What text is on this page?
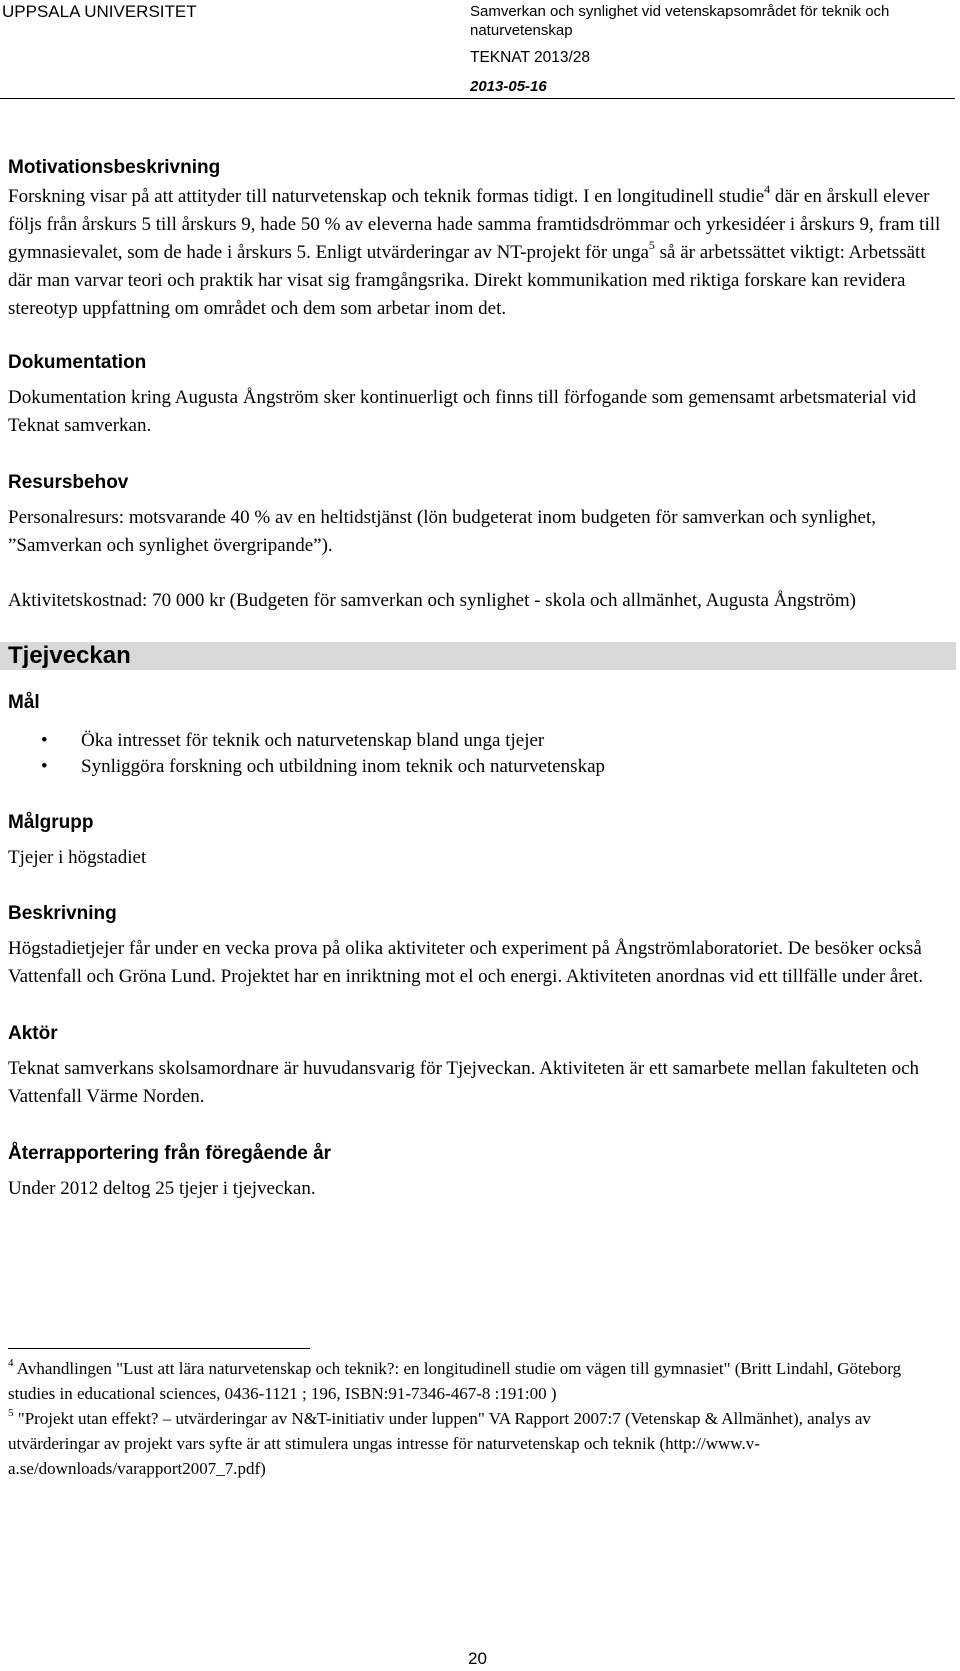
UPPSALA UNIVERSITET	Samverkan och synlighet vid vetenskapsområdet för teknik och naturvetenskap
TEKNAT 2013/28
2013-05-16
Motivationsbeskrivning

Forskning visar på att attityder till naturvetenskap och teknik formas tidigt. I en longitudinell studie$^4$ där en årskull elever följs från årskurs 5 till årskurs 9, hade 50 % av eleverna hade samma framtidsdrömmar och yrkesidéer i årskurs 9, fram till gymnasievalet, som de hade i årskurs 5. Enligt utvärderingar av NT-projekt för unga$^5$ så är arbetssättet viktigt: Arbetssätt där man varvar teori och praktik har visat sig framgångsrika. Direkt kommunikation med riktiga forskare kan revidera stereotyp uppfattning om området och dem som arbetar inom det.

Dokumentation

Dokumentation kring Augusta Ångström sker kontinuerligt och finns till förfogande som gemensamt arbetsmaterial vid Teknat samverkan.

Resursbehov

Personalresurs: motsvarande 40 % av en heltidstjänst (lön budgeterat inom budgeten för samverkan och synlighet, ”Samverkan och synlighet övergripande”).

Aktivitetskostnad: 70 000 kr (Budgeten för samverkan och synlighet - skola och allmänhet, Augusta Ångström)

Tjejveckan
Mål
• Öka intresset för teknik och naturvetenskap bland unga tjejer
• Synliggöra forskning och utbildning inom teknik och naturvetenskap
Målgrupp

Tjejer i högstadiet

Beskrivning

Högstadietjejer får under en vecka prova på olika aktiviteter och experiment på Ångströmlaboratoriet. De besöker också Vattenfall och Gröna Lund. Projektet har en inriktning mot el och energi. Aktiviteten anordnas vid ett tillfälle under året.

Aktör

Teknat samverkans skolsamordnare är huvudansvarig för Tjejveckan. Aktiviteten är ett samarbete mellan fakulteten och Vattenfall Värme Norden.

Återrapportering från föregående år

Under 2012 deltog 25 tjejer i tjejveckan.

$^4$ Avhandlingen "Lust att lära naturvetenskap och teknik?: en longitudinell studie om vägen till gymnasiet" (Britt Lindahl, Göteborg studies in educational sciences, 0436-1121 ; 196, ISBN:91-7346-467-8 :191:00 )
$^5$ "Projekt utan effekt? – utvärderingar av N&T-initiativ under luppen" VA Rapport 2007:7 (Vetenskap & Allmänhet), analys av utvärderingar av projekt vars syfte är att stimulera ungas intresse för naturvetenskap och teknik (http://www.v-a.se/downloads/varapport2007_7.pdf)
20
